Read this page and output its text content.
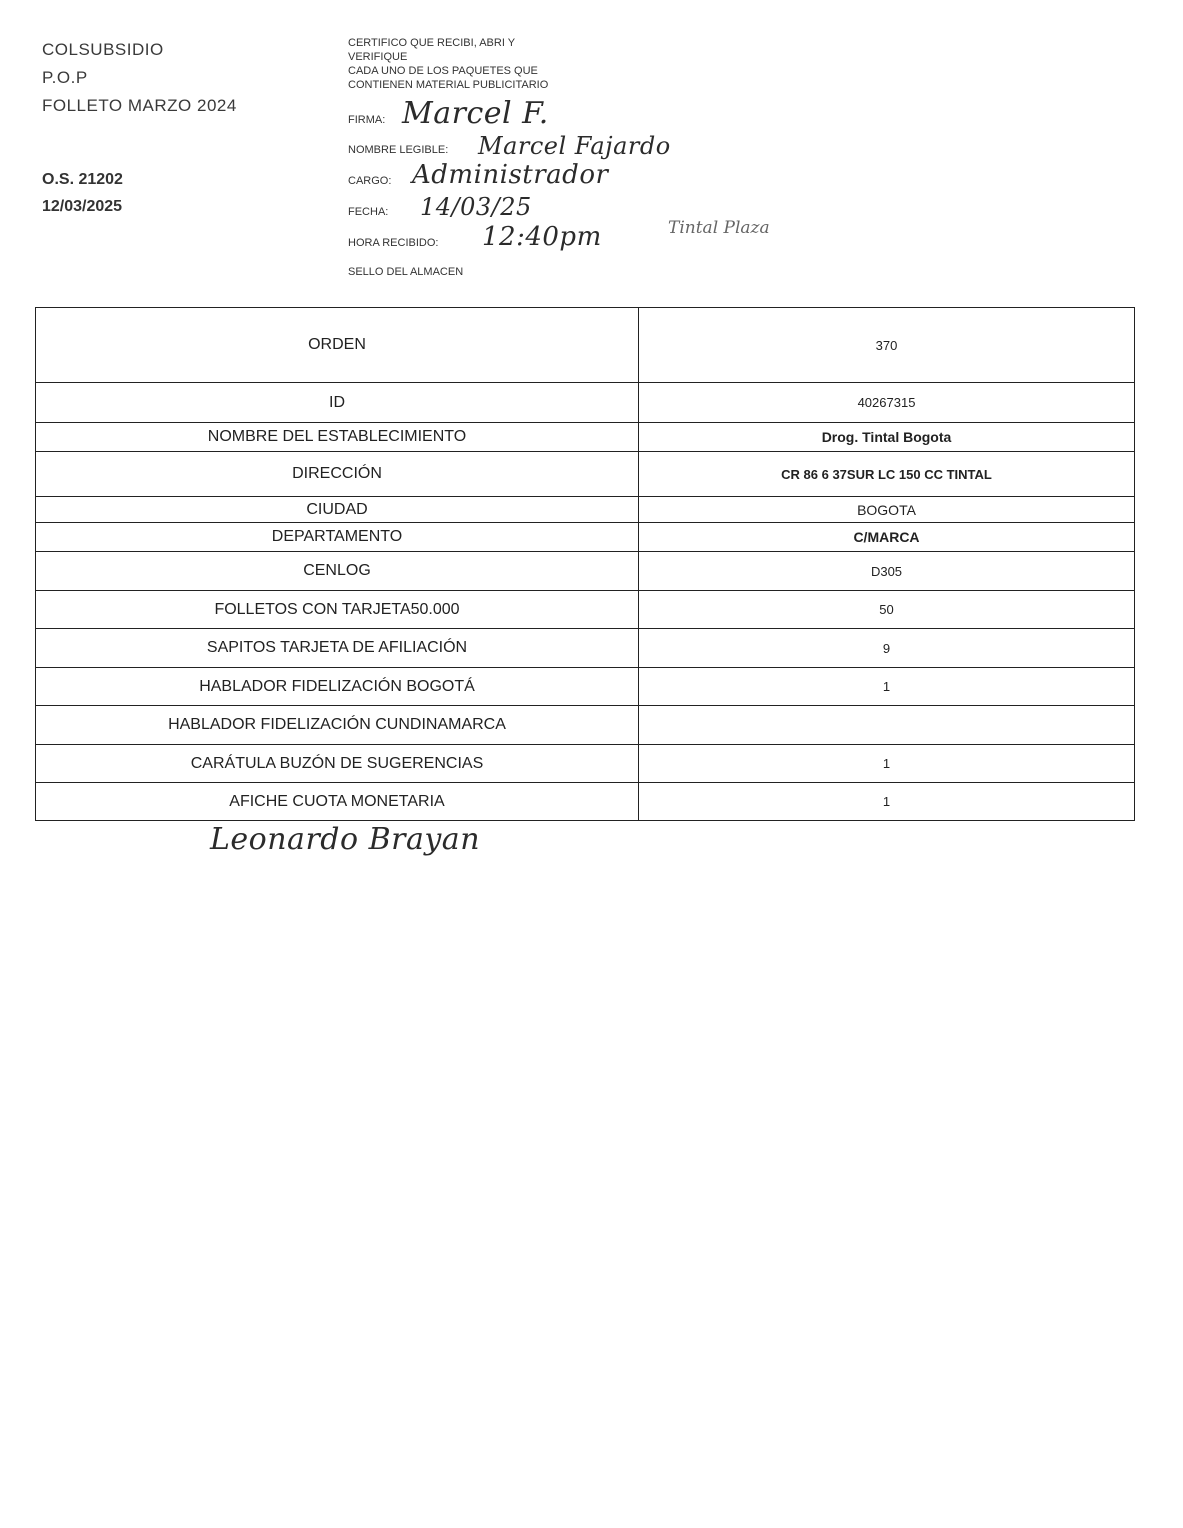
COLSUBSIDIO
P.O.P
FOLLETO MARZO 2024
O.S. 21202
12/03/2025
CERTIFICO QUE RECIBI, ABRI Y
VERIFIQUE
CADA UNO DE LOS PAQUETES QUE
CONTIENEN MATERIAL PUBLICITARIO
FIRMA: Marcel F.
NOMBRE LEGIBLE: Marcel Fajardo
CARGO: Administrador
FECHA: 14/03/25
HORA RECIBIDO: 12:40pm
SELLO DEL ALMACEN
Tintal Plaza
ORDEN	370
ID	40267315
NOMBRE DEL ESTABLECIMIENTO	Drog. Tintal Bogota
DIRECCIÓN	CR 86 6 37SUR LC 150 CC TINTAL
CIUDAD	BOGOTA
DEPARTAMENTO	C/MARCA
CENLOG	D305
FOLLETOS CON TARJETA50.000	50
SAPITOS TARJETA DE AFILIACIÓN	9
HABLADOR FIDELIZACIÓN BOGOTÁ	1
HABLADOR FIDELIZACIÓN CUNDINAMARCA	
CARÁTULA BUZÓN DE SUGERENCIAS	1
AFICHE CUOTA MONETARIA	1
Leonardo Brayan
